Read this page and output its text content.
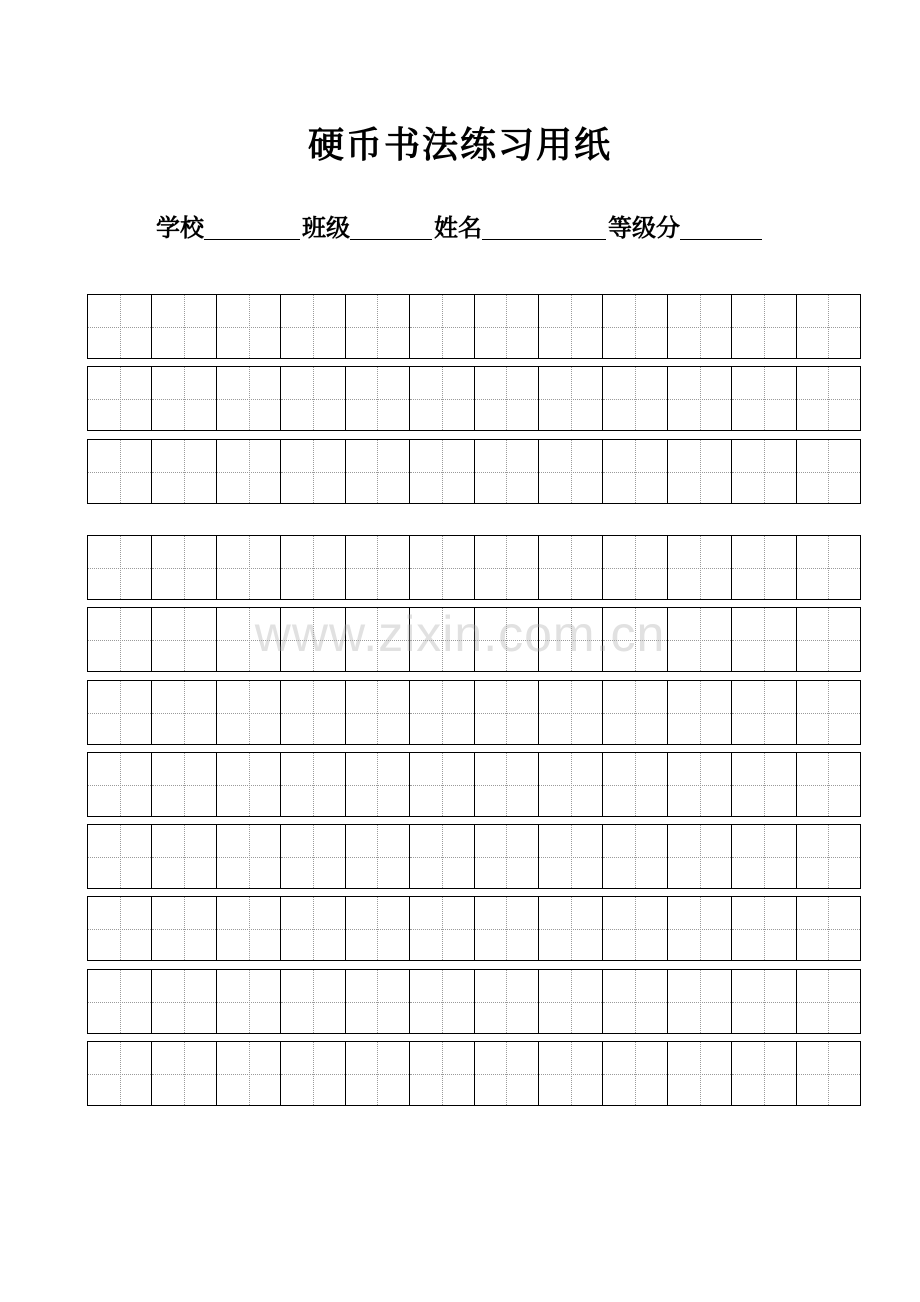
硬币书法练习用纸
学校	班级	姓名	等级分
www.zixin.com.cn
